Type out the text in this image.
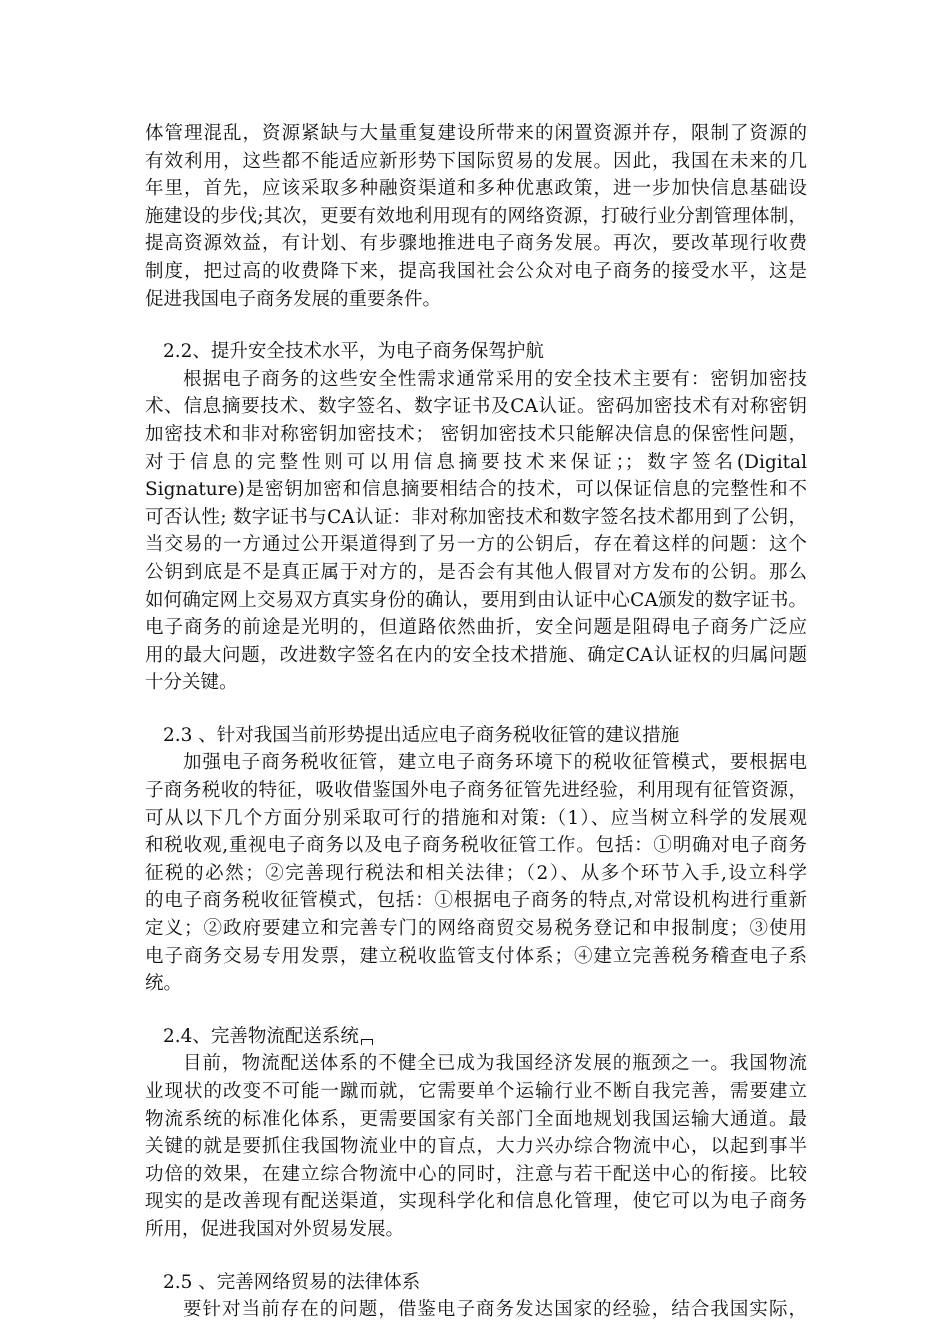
体管理混乱，资源紧缺与大量重复建设所带来的闲置资源并存，限制了资源的
有效利用，这些都不能适应新形势下国际贸易的发展。因此，我国在未来的几
年里，首先，应该采取多种融资渠道和多种优惠政策，进一步加快信息基础设
施建设的步伐;其次，更要有效地利用现有的网络资源，打破行业分割管理体制，
提高资源效益，有计划、有步骤地推进电子商务发展。再次，要改革现行收费
制度，把过高的收费降下来，提高我国社会公众对电子商务的接受水平，这是
促进我国电子商务发展的重要条件。
2.2、提升安全技术水平，为电子商务保驾护航
根据电子商务的这些安全性需求通常采用的安全技术主要有：密钥加密技
术、信息摘要技术、数字签名、数字证书及CA认证。密码加密技术有对称密钥
加密技术和非对称密钥加密技术； 密钥加密技术只能解决信息的保密性问题，
对于信息的完整性则可以用信息摘要技术来保证；；数字签名(Digital
Signature)是密钥加密和信息摘要相结合的技术，可以保证信息的完整性和不
可否认性; 数字证书与CA认证：非对称加密技术和数字签名技术都用到了公钥，
当交易的一方通过公开渠道得到了另一方的公钥后，存在着这样的问题：这个
公钥到底是不是真正属于对方的，是否会有其他人假冒对方发布的公钥。那么
如何确定网上交易双方真实身份的确认，要用到由认证中心CA颁发的数字证书。
电子商务的前途是光明的，但道路依然曲折，安全问题是阻碍电子商务广泛应
用的最大问题，改进数字签名在内的安全技术措施、确定CA认证权的归属问题
十分关键。
2.3 、针对我国当前形势提出适应电子商务税收征管的建议措施
加强电子商务税收征管，建立电子商务环境下的税收征管模式，要根据电
子商务税收的特征，吸收借鉴国外电子商务征管先进经验，利用现有征管资源，
可从以下几个方面分别采取可行的措施和对策:（1）、应当树立科学的发展观
和税收观,重视电子商务以及电子商务税收征管工作。包括：①明确对电子商务
征税的必然；②完善现行税法和相关法律；（2）、从多个环节入手,设立科学
的电子商务税收征管模式，包括：①根据电子商务的特点,对常设机构进行重新
定义；②政府要建立和完善专门的网络商贸交易税务登记和申报制度；③使用
电子商务交易专用发票，建立税收监管支付体系；④建立完善税务稽查电子系
统。
2.4、完善物流配送系统
目前，物流配送体系的不健全已成为我国经济发展的瓶颈之一。我国物流
业现状的改变不可能一蹴而就，它需要单个运输行业不断自我完善，需要建立
物流系统的标准化体系，更需要国家有关部门全面地规划我国运输大通道。最
关键的就是要抓住我国物流业中的盲点，大力兴办综合物流中心，以起到事半
功倍的效果，在建立综合物流中心的同时，注意与若干配送中心的衔接。比较
现实的是改善现有配送渠道，实现科学化和信息化管理，使它可以为电子商务
所用，促进我国对外贸易发展。
2.5 、完善网络贸易的法律体系
要针对当前存在的问题，借鉴电子商务发达国家的经验，结合我国实际，
